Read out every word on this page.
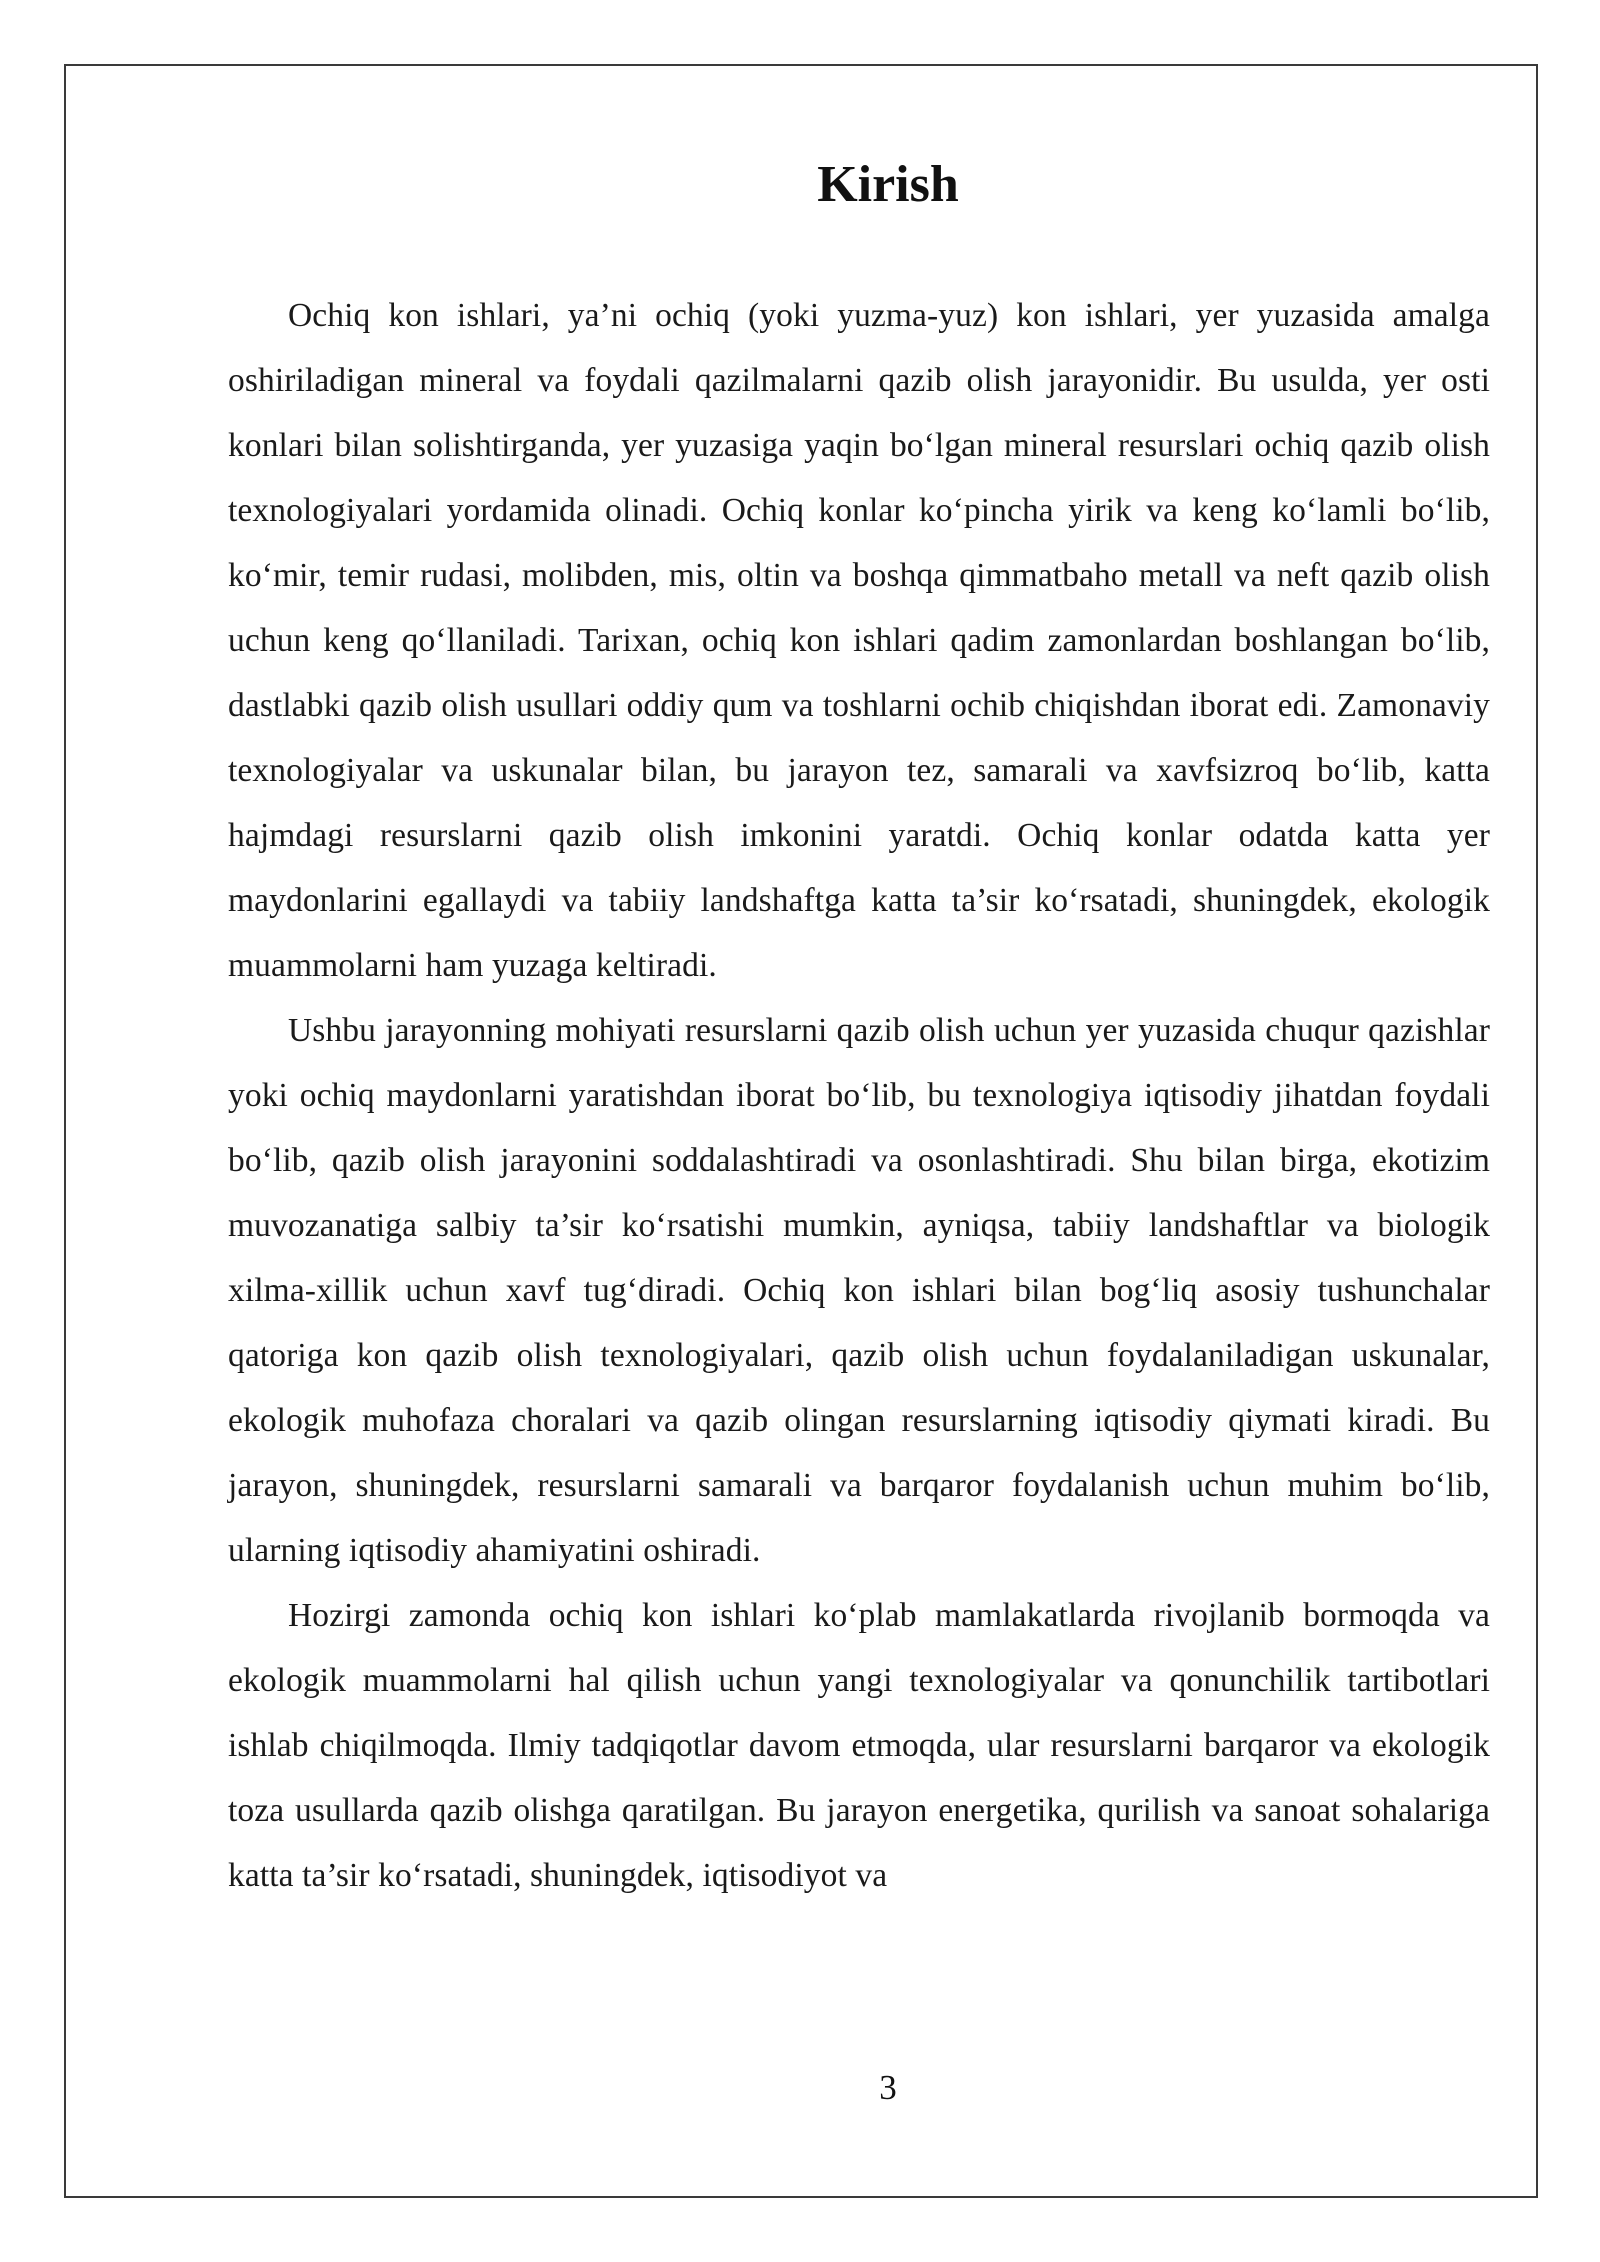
Kirish

Ochiq kon ishlari, ya’ni ochiq (yoki yuzma-yuz) kon ishlari, yer yuzasida amalga oshiriladigan mineral va foydali qazilmalarni qazib olish jarayonidir. Bu usulda, yer osti konlari bilan solishtirganda, yer yuzasiga yaqin bo‘lgan mineral resurslari ochiq qazib olish texnologiyalari yordamida olinadi. Ochiq konlar ko‘pincha yirik va keng ko‘lamli bo‘lib, ko‘mir, temir rudasi, molibden, mis, oltin va boshqa qimmatbaho metall va neft qazib olish uchun keng qo‘llaniladi. Tarixan, ochiq kon ishlari qadim zamonlardan boshlangan bo‘lib, dastlabki qazib olish usullari oddiy qum va toshlarni ochib chiqishdan iborat edi. Zamonaviy texnologiyalar va uskunalar bilan, bu jarayon tez, samarali va xavfsizroq bo‘lib, katta hajmdagi resurslarni qazib olish imkonini yaratdi. Ochiq konlar odatda katta yer maydonlarini egallaydi va tabiiy landshaftga katta ta’sir ko‘rsatadi, shuningdek, ekologik muammolarni ham yuzaga keltiradi.

Ushbu jarayonning mohiyati resurslarni qazib olish uchun yer yuzasida chuqur qazishlar yoki ochiq maydonlarni yaratishdan iborat bo‘lib, bu texnologiya iqtisodiy jihatdan foydali bo‘lib, qazib olish jarayonini soddalashtiradi va osonlashtiradi. Shu bilan birga, ekotizim muvozanatiga salbiy ta’sir ko‘rsatishi mumkin, ayniqsa, tabiiy landshaftlar va biologik xilma-xillik uchun xavf tug‘diradi. Ochiq kon ishlari bilan bog‘liq asosiy tushunchalar qatoriga kon qazib olish texnologiyalari, qazib olish uchun foydalaniladigan uskunalar, ekologik muhofaza choralari va qazib olingan resurslarning iqtisodiy qiymati kiradi. Bu jarayon, shuningdek, resurslarni samarali va barqaror foydalanish uchun muhim bo‘lib, ularning iqtisodiy ahamiyatini oshiradi.

Hozirgi zamonda ochiq kon ishlari ko‘plab mamlakatlarda rivojlanib bormoqda va ekologik muammolarni hal qilish uchun yangi texnologiyalar va qonunchilik tartibotlari ishlab chiqilmoqda. Ilmiy tadqiqotlar davom etmoqda, ular resurslarni barqaror va ekologik toza usullarda qazib olishga qaratilgan. Bu jarayon energetika, qurilish va sanoat sohalariga katta ta’sir ko‘rsatadi, shuningdek, iqtisodiyot va

3
